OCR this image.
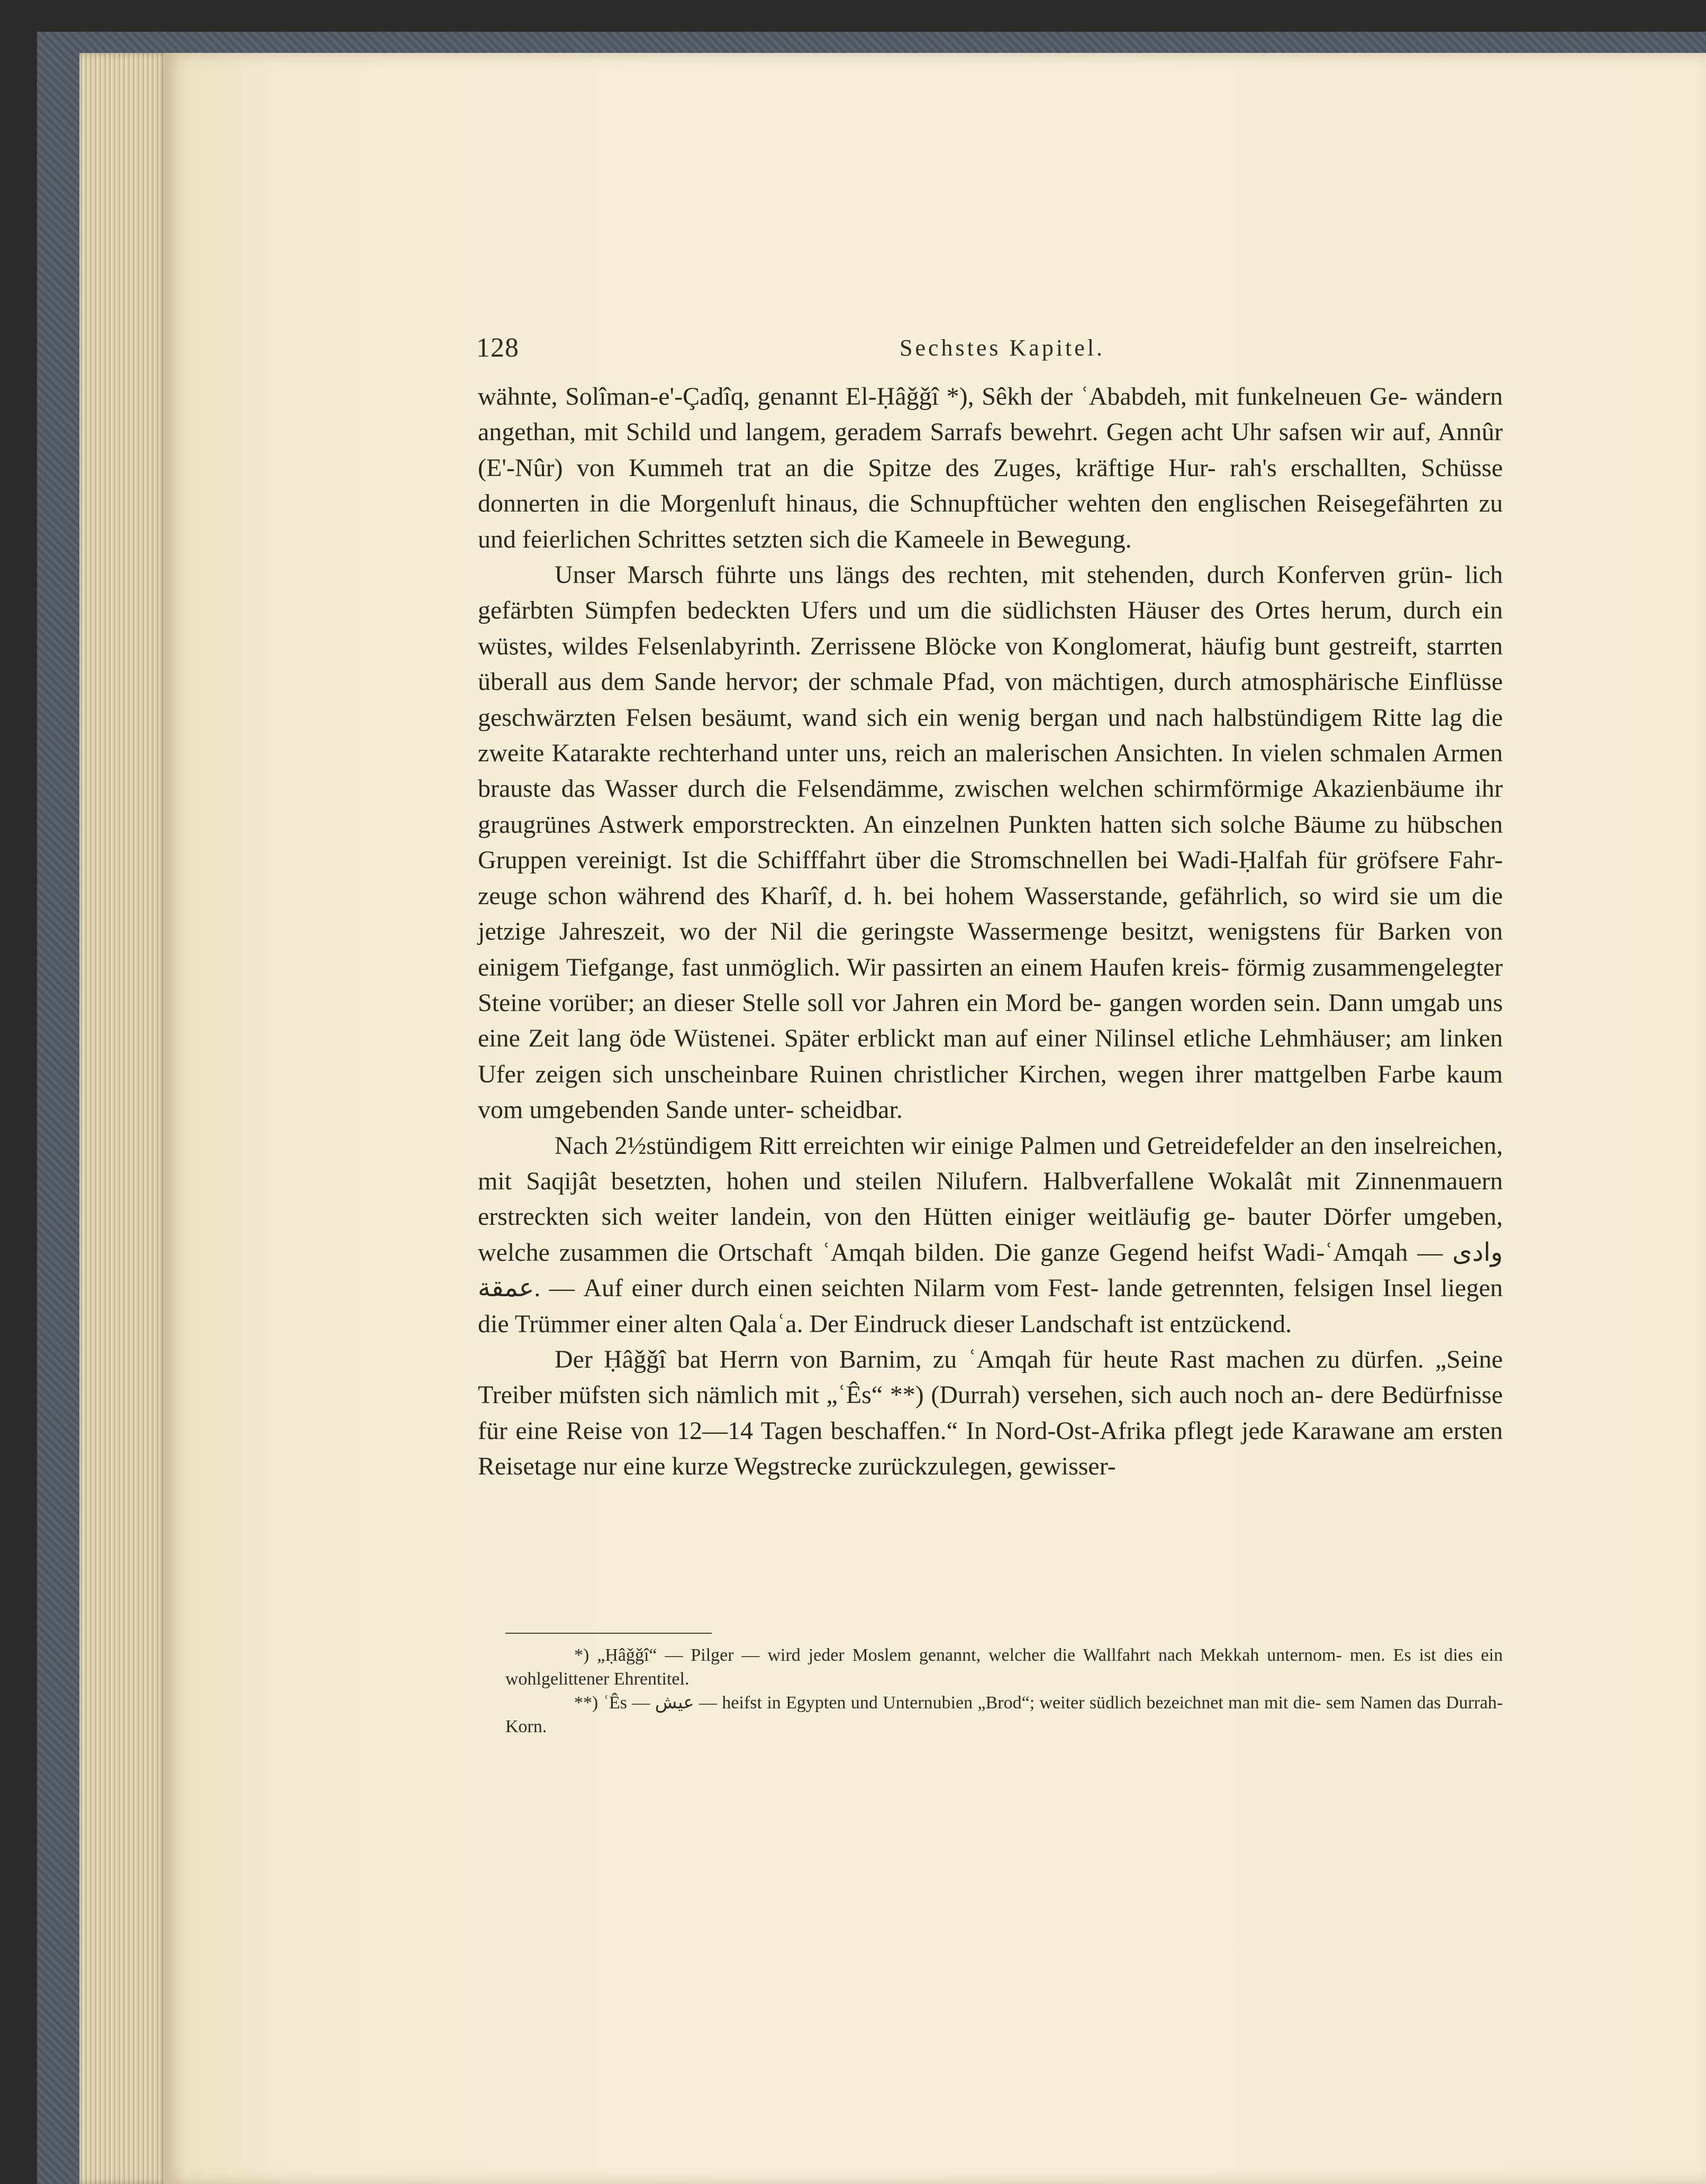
128	Sechstes Kapitel.

wähnte, Solîman-e'-Çadîq, genannt El-Ḥâǧǧî *), Sêkh der ʿAbabdeh, mit funkelneuen Ge- wändern angethan, mit Schild und langem, geradem Sarrafs bewehrt. Gegen acht Uhr safsen wir auf, Annûr (E'-Nûr) von Kummeh trat an die Spitze des Zuges, kräftige Hur- rah's erschallten, Schüsse donnerten in die Morgenluft hinaus, die Schnupftücher wehten den englischen Reisegefährten zu und feierlichen Schrittes setzten sich die Kameele in Bewegung.

Unser Marsch führte uns längs des rechten, mit stehenden, durch Konferven grün- lich gefärbten Sümpfen bedeckten Ufers und um die südlichsten Häuser des Ortes herum, durch ein wüstes, wildes Felsenlabyrinth. Zerrissene Blöcke von Konglomerat, häufig bunt gestreift, starrten überall aus dem Sande hervor; der schmale Pfad, von mächtigen, durch atmosphärische Einflüsse geschwärzten Felsen besäumt, wand sich ein wenig bergan und nach halbstündigem Ritte lag die zweite Katarakte rechterhand unter uns, reich an malerischen Ansichten. In vielen schmalen Armen brauste das Wasser durch die Felsendämme, zwischen welchen schirmförmige Akazienbäume ihr graugrünes Astwerk emporstreckten. An einzelnen Punkten hatten sich solche Bäume zu hübschen Gruppen vereinigt. Ist die Schifffahrt über die Stromschnellen bei Wadi-Ḥalfah für gröfsere Fahr- zeuge schon während des Kharîf, d. h. bei hohem Wasserstande, gefährlich, so wird sie um die jetzige Jahreszeit, wo der Nil die geringste Wassermenge besitzt, wenigstens für Barken von einigem Tiefgange, fast unmöglich. Wir passirten an einem Haufen kreis- förmig zusammengelegter Steine vorüber; an dieser Stelle soll vor Jahren ein Mord be- gangen worden sein. Dann umgab uns eine Zeit lang öde Wüstenei. Später erblickt man auf einer Nilinsel etliche Lehmhäuser; am linken Ufer zeigen sich unscheinbare Ruinen christlicher Kirchen, wegen ihrer mattgelben Farbe kaum vom umgebenden Sande unter- scheidbar.

Nach 2½stündigem Ritt erreichten wir einige Palmen und Getreidefelder an den inselreichen, mit Saqijât besetzten, hohen und steilen Nilufern. Halbverfallene Wokalât mit Zinnenmauern erstreckten sich weiter landein, von den Hütten einiger weitläufig ge- bauter Dörfer umgeben, welche zusammen die Ortschaft ʿAmqah bilden. Die ganze Gegend heifst Wadi-ʿAmqah — وادى عمقة. — Auf einer durch einen seichten Nilarm vom Fest- lande getrennten, felsigen Insel liegen die Trümmer einer alten Qalaʿa. Der Eindruck dieser Landschaft ist entzückend.

Der Ḥâǧǧî bat Herrn von Barnim, zu ʿAmqah für heute Rast machen zu dürfen. „Seine Treiber müfsten sich nämlich mit „ʿÊs“ **) (Durrah) versehen, sich auch noch an- dere Bedürfnisse für eine Reise von 12—14 Tagen beschaffen.“ In Nord-Ost-Afrika pflegt jede Karawane am ersten Reisetage nur eine kurze Wegstrecke zurückzulegen, gewisser-

*) „Ḥâǧǧî“ — Pilger — wird jeder Moslem genannt, welcher die Wallfahrt nach Mekkah unternom- men. Es ist dies ein wohlgelittener Ehrentitel.

**) ʿÊs — عيش — heifst in Egypten und Unternubien „Brod“; weiter südlich bezeichnet man mit die- sem Namen das Durrah-Korn.
